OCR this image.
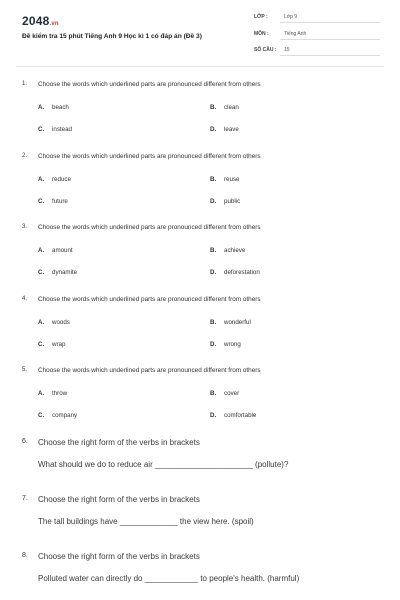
2048.vn
Đề kiểm tra 15 phút Tiếng Anh 9 Học kì 1 có đáp án (Đề 3)
LỚP :	Lớp 9
MÔN :	Tiếng Anh
SỐ CÂU : 15
1. Choose the words which underlined parts are pronounced different from others
A. beach	B. clean
C. instead	D. leave
2. Choose the words which underlined parts are pronounced different from others
A. reduce	B. reuse
C. future	D. public
3. Choose the words which underlined parts are pronounced different from others
A. amount	B. achieve
C. dynamite	D. deforestation
4. Choose the words which underlined parts are pronounced different from others
A. woods	B. wonderful
C. wrap	D. wrong
5. Choose the words which underlined parts are pronounced different from others
A. throw	B. cover
C. company	D. comfortable
6. Choose the right form of the verbs in brackets
What should we do to reduce air ______________________ (pollute)?
7. Choose the right form of the verbs in brackets
The tall buildings have _____________ the view here. (spoil)
8. Choose the right form of the verbs in brackets
Polluted water can directly do ____________ to people's health. (harmful)
